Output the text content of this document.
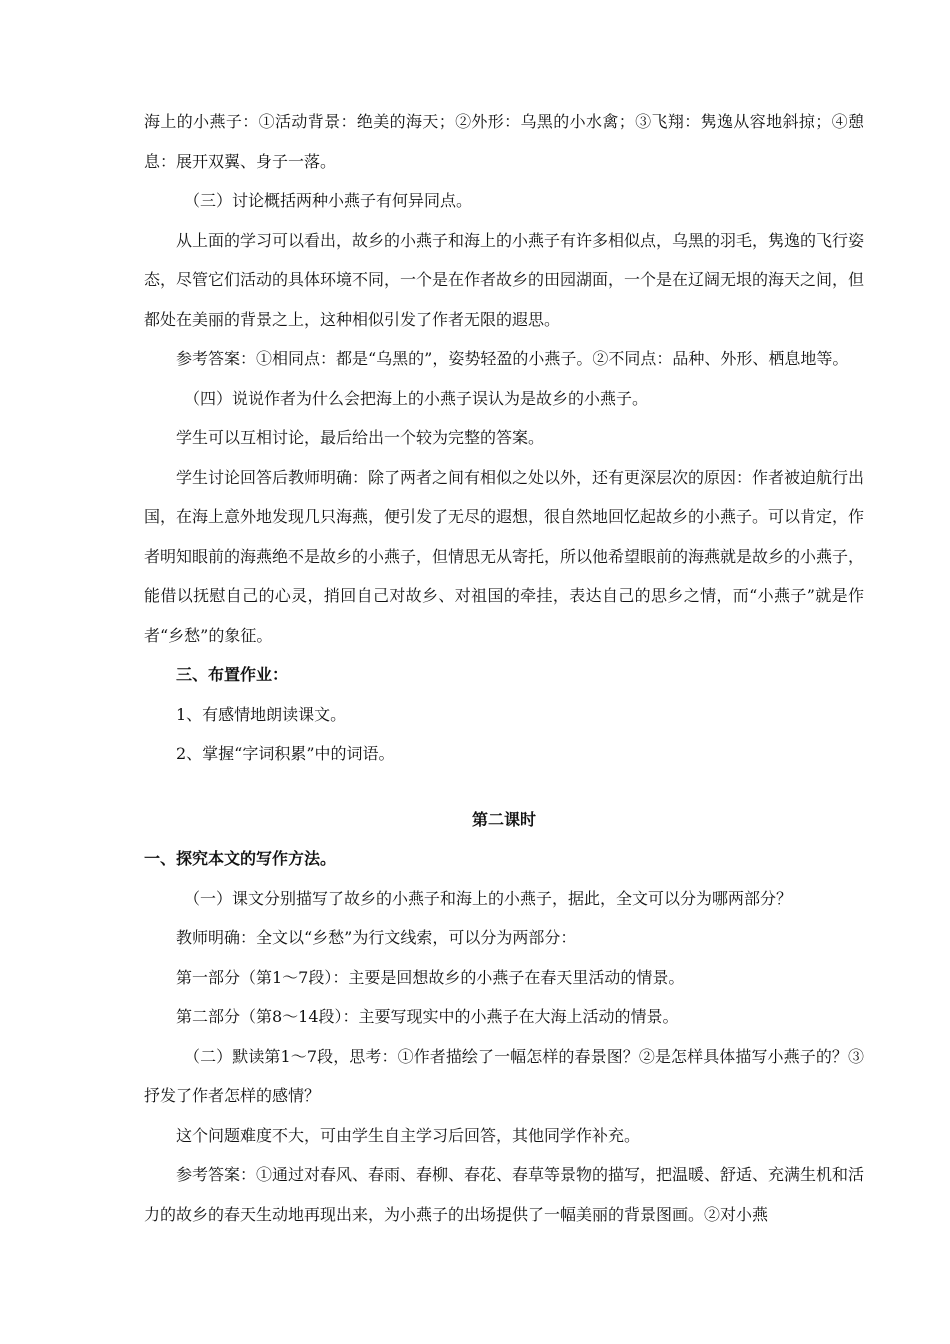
海上的小燕子：①活动背景：绝美的海天；②外形：乌黑的小水禽；③飞翔：隽逸从容地斜掠；④憩息：展开双翼、身子一落。

（三）讨论概括两种小燕子有何异同点。

从上面的学习可以看出，故乡的小燕子和海上的小燕子有许多相似点，乌黑的羽毛，隽逸的飞行姿态，尽管它们活动的具体环境不同，一个是在作者故乡的田园湖面，一个是在辽阔无垠的海天之间，但都处在美丽的背景之上，这种相似引发了作者无限的遐思。

参考答案：①相同点：都是“乌黑的”，姿势轻盈的小燕子。②不同点：品种、外形、栖息地等。

（四）说说作者为什么会把海上的小燕子误认为是故乡的小燕子。

学生可以互相讨论，最后给出一个较为完整的答案。

学生讨论回答后教师明确：除了两者之间有相似之处以外，还有更深层次的原因：作者被迫航行出国，在海上意外地发现几只海燕，便引发了无尽的遐想，很自然地回忆起故乡的小燕子。可以肯定，作者明知眼前的海燕绝不是故乡的小燕子，但情思无从寄托，所以他希望眼前的海燕就是故乡的小燕子，能借以抚慰自己的心灵，捎回自己对故乡、对祖国的牵挂，表达自己的思乡之情，而“小燕子”就是作者“乡愁”的象征。

三、布置作业：

1、有感情地朗读课文。

2、掌握“字词积累”中的词语。

第二课时

一、探究本文的写作方法。

（一）课文分别描写了故乡的小燕子和海上的小燕子，据此，全文可以分为哪两部分？

教师明确：全文以“乡愁”为行文线索，可以分为两部分：

第一部分（第1～7段）：主要是回想故乡的小燕子在春天里活动的情景。

第二部分（第8～14段）：主要写现实中的小燕子在大海上活动的情景。

（二）默读第1～7段，思考：①作者描绘了一幅怎样的春景图？②是怎样具体描写小燕子的？③抒发了作者怎样的感情？

这个问题难度不大，可由学生自主学习后回答，其他同学作补充。

参考答案：①通过对春风、春雨、春柳、春花、春草等景物的描写，把温暖、舒适、充满生机和活力的故乡的春天生动地再现出来，为小燕子的出场提供了一幅美丽的背景图画。②对小燕
